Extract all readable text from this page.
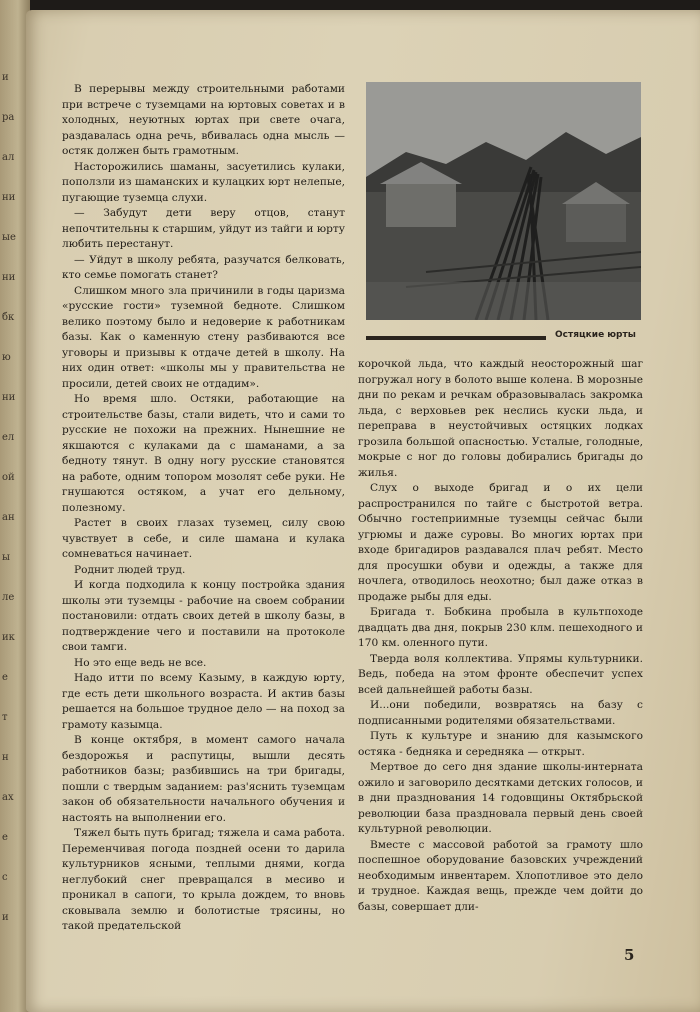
В перерывы между строительными работами при встрече с туземцами на юртовых советах и в холодных, неуютных юртах при свете очага, раздавалась одна речь, вбивалась одна мысль — остяк должен быть грамотным.

Насторожились шаманы, засуетились кулаки, поползли из шаманских и кулацких юрт нелепые, пугающие туземца слухи.

— Забудут дети веру отцов, станут непочтительны к старшим, уйдут из тайги и юрту любить перестанут.

— Уйдут в школу ребята, разучатся белковать, кто семье помогать станет?

Слишком много зла причинили в годы царизма «русские гости» туземной бедноте. Слишком велико поэтому было и недоверие к работникам базы. Как о каменную стену разбиваются все уговоры и призывы к отдаче детей в школу. На них один ответ: «школы мы у правительства не просили, детей своих не отдадим».

Но время шло. Остяки, работающие на строительстве базы, стали видеть, что и сами то русские не похожи на прежних. Нынешние не якшаются с кулаками да с шаманами, а за бедноту тянут. В одну ногу русские становятся на работе, одним топором мозолят себе руки. Не гнушаются остяком, а учат его дельному, полезному.

Растет в своих глазах туземец, силу свою чувствует в себе, и силе шамана и кулака сомневаться начинает.

Роднит людей труд.

И когда подходила к концу постройка здания школы эти туземцы - рабочие на своем собрании постановили: отдать своих детей в школу базы, в подтверждение чего и поставили на протоколе свои тамги.

Но это еще ведь не все.

Надо итти по всему Казыму, в каждую юрту, где есть дети школьного возраста. И актив базы решается на большое трудное дело — на поход за грамоту казымца.

В конце октября, в момент самого начала бездорожья и распутицы, вышли десять работников базы; разбившись на три бригады, пошли с твердым заданием: раз'яснить туземцам закон об обязательности начального обучения и настоять на выполнении его.

Тяжел быть путь бригад; тяжела и сама работа. Переменчивая погода поздней осени то дарила культурников ясными, теплыми днями, когда неглубокий снег превращался в месиво и проникал в сапоги, то крыла дождем, то вновь сковывала землю и болотистые трясины, но такой предательской

Остяцкие юрты

корочкой льда, что каждый неосторожный шаг погружал ногу в болото выше колена. В морозные дни по рекам и речкам образовывалась закромка льда, с верховьев рек неслись куски льда, и переправа в неустойчивых остяцких лодках грозила большой опасностью. Усталые, голодные, мокрые с ног до головы добирались бригады до жилья.

Слух о выходе бригад и о их цели распространился по тайге с быстротой ветра. Обычно гостеприимные туземцы сейчас были угрюмы и даже суровы. Во многих юртах при входе бригадиров раздавался плач ребят. Место для просушки обуви и одежды, а также для ночлега, отводилось неохотно; был даже отказ в продаже рыбы для еды.

Бригада т. Бобкина пробыла в культпоходе двадцать два дня, покрыв 230 клм. пешеходного и 170 км. оленного пути.

Тверда воля коллектива. Упрямы культурники. Ведь, победа на этом фронте обеспечит успех всей дальнейшей работы базы.

И...они победили, возвратясь на базу с подписанными родителями обязательствами.

Путь к культуре и знанию для казымского остяка - бедняка и середняка — открыт.

Мертвое до сего дня здание школы-интерната ожило и заговорило десятками детских голосов, и в дни празднования 14 годовщины Октябрьской революции база праздновала первый день своей культурной революции.

Вместе с массовой работой за грамоту шло поспешное оборудование базовских учреждений необходимым инвентарем. Хлопотливое это дело и трудное. Каждая вещь, прежде чем дойти до базы, совершает дли-

5
и
ра
ал
ни
ые
ни
бк
ю
ни
ел
ой
ан
ы
ле
ик
е
т
н
ах
е
с
и
